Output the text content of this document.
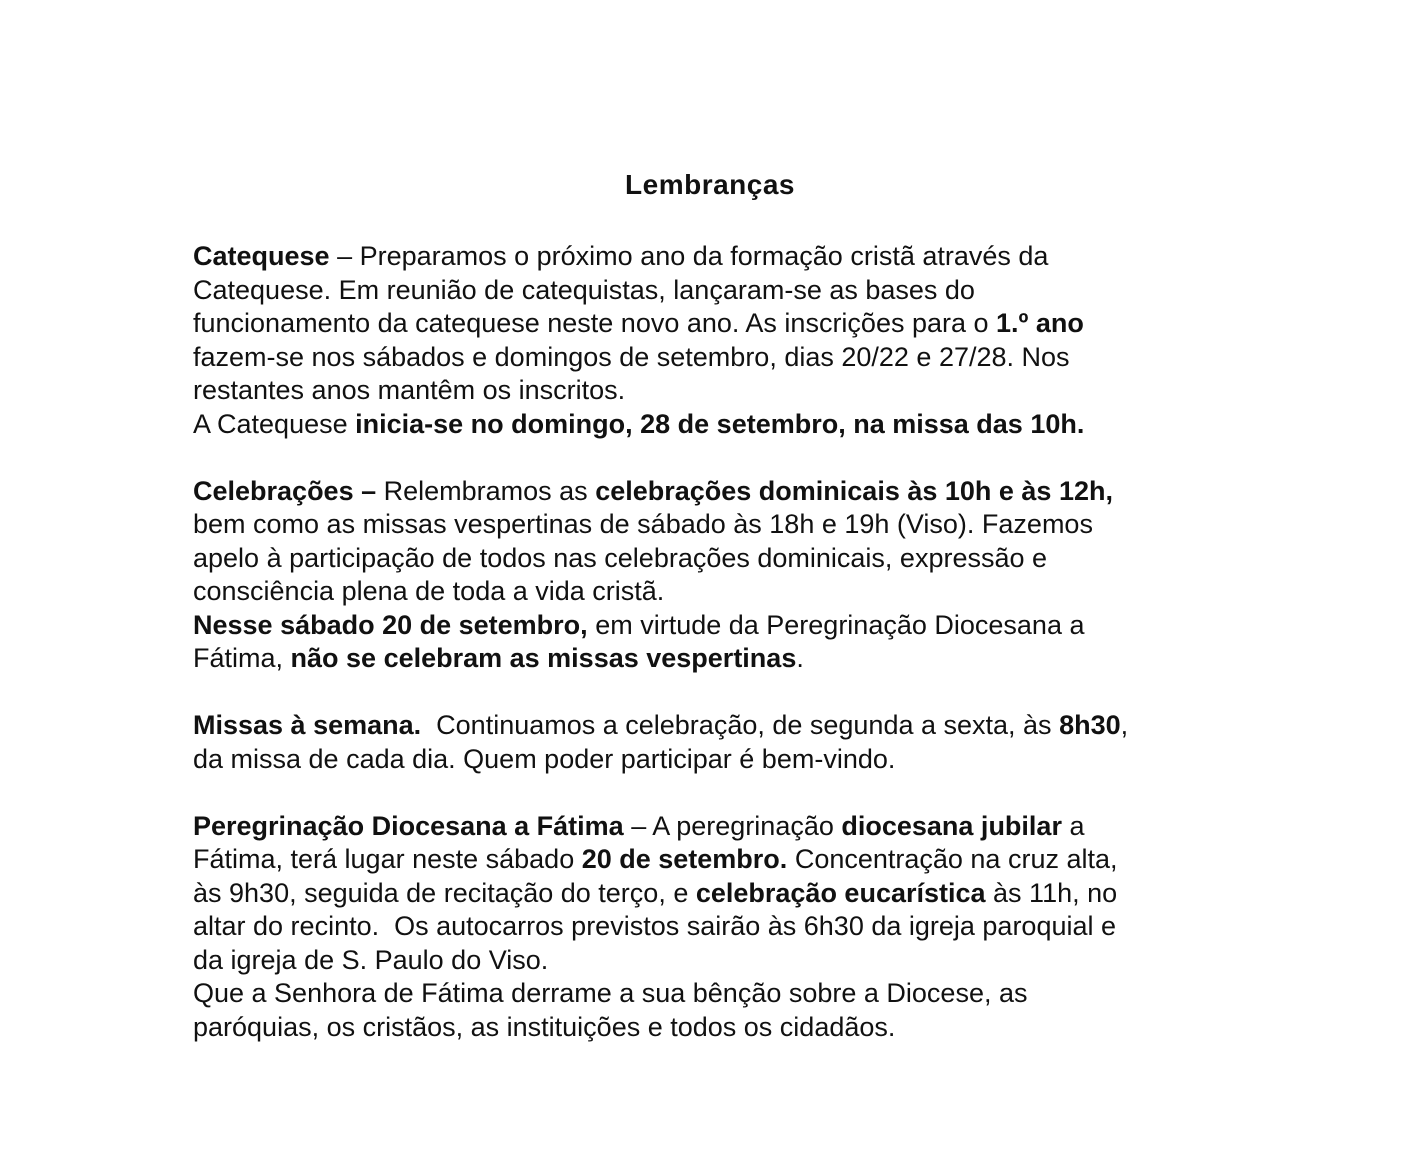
Lembranças

Catequese – Preparamos o próximo ano da formação cristã através da
Catequese. Em reunião de catequistas, lançaram-se as bases do
funcionamento da catequese neste novo ano. As inscrições para o 1.º ano
fazem-se nos sábados e domingos de setembro, dias 20/22 e 27/28. Nos
restantes anos mantêm os inscritos.
A Catequese inicia-se no domingo, 28 de setembro, na missa das 10h.

Celebrações – Relembramos as celebrações dominicais às 10h e às 12h,
bem como as missas vespertinas de sábado às 18h e 19h (Viso). Fazemos
apelo à participação de todos nas celebrações dominicais, expressão e
consciência plena de toda a vida cristã.
Nesse sábado 20 de setembro, em virtude da Peregrinação Diocesana a
Fátima, não se celebram as missas vespertinas.

Missas à semana.  Continuamos a celebração, de segunda a sexta, às 8h30,
da missa de cada dia. Quem poder participar é bem-vindo.

Peregrinação Diocesana a Fátima – A peregrinação diocesana jubilar a
Fátima, terá lugar neste sábado 20 de setembro. Concentração na cruz alta,
às 9h30, seguida de recitação do terço, e celebração eucarística às 11h, no
altar do recinto.  Os autocarros previstos sairão às 6h30 da igreja paroquial e
da igreja de S. Paulo do Viso.
Que a Senhora de Fátima derrame a sua bênção sobre a Diocese, as
paróquias, os cristãos, as instituições e todos os cidadãos.
